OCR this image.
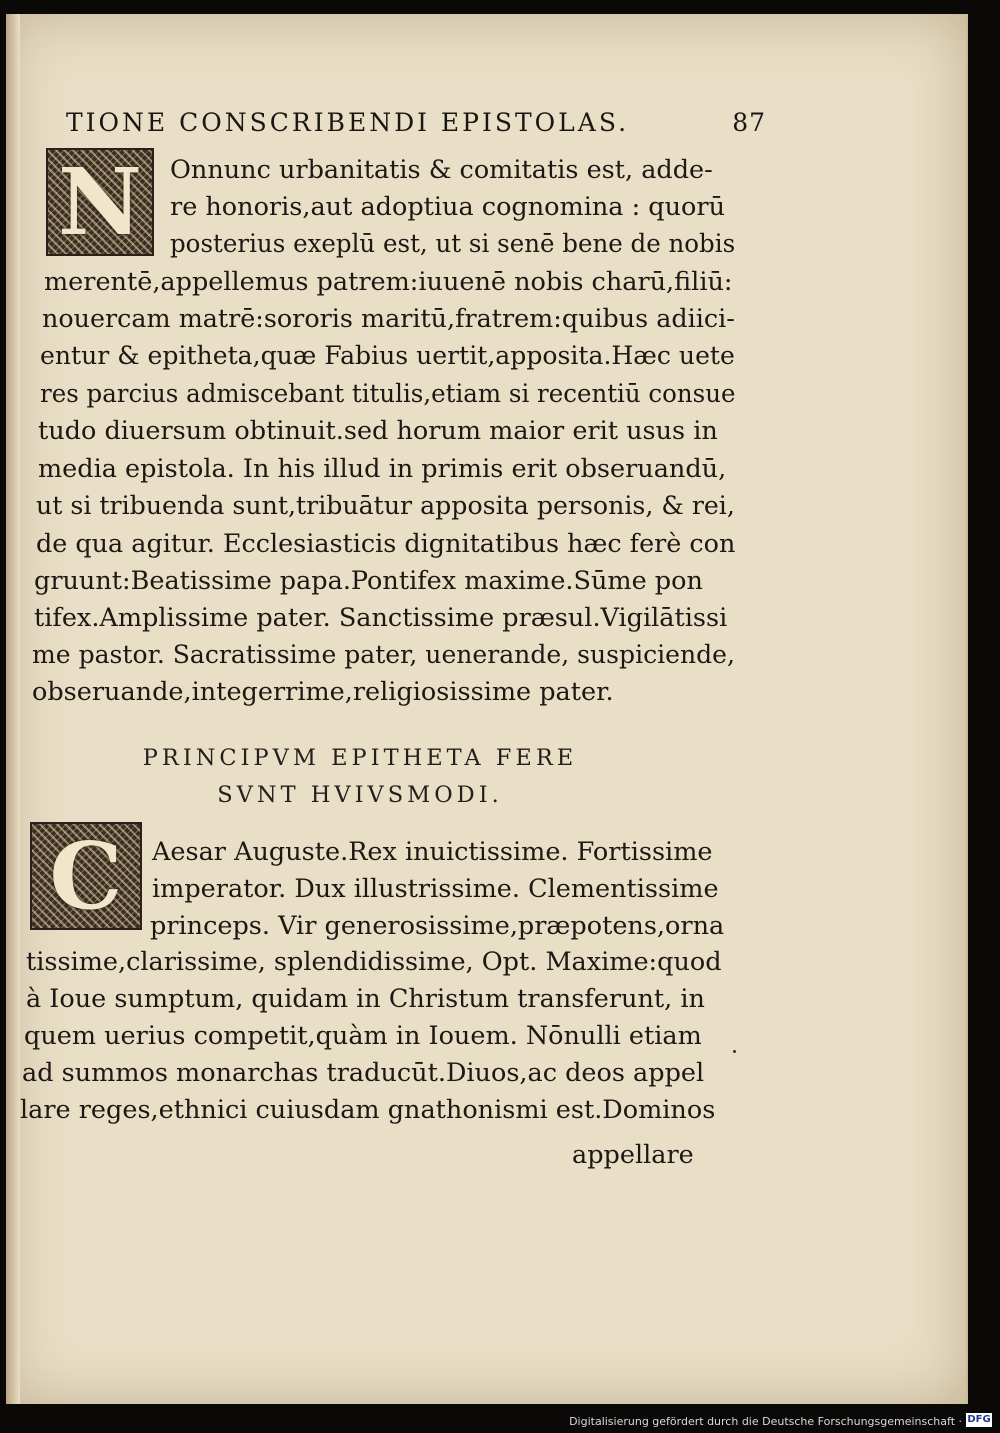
TIONE CONSCRIBENDI EPISTOLAS.	87
N	Onnunc urbanitatis & comitatis est, adde-
re honoris,aut adoptiua cognomina : quorū
posterius exeplū est, ut si senē bene de nobis
merentē,appellemus patrem:iuuenē nobis charū,filiū:
nouercam matrē:sororis maritū,fratrem:quibus adiici-
entur & epitheta,quæ Fabius uertit,apposita.Hæc uete
res parcius admiscebant titulis,etiam si recentiū consue
tudo diuersum obtinuit.sed horum maior erit usus in
media epistola. In his illud in primis erit obseruandū,
ut si tribuenda sunt,tribuātur apposita personis, & rei,
de qua agitur. Ecclesiasticis dignitatibus hæc ferè con
gruunt:Beatissime papa.Pontifex maxime.Sūme pon
tifex.Amplissime pater. Sanctissime præsul.Vigilātissi
me pastor. Sacratissime pater, uenerande, suspiciende,
obseruande,integerrime,religiosissime pater.
PRINCIPVM EPITHETA FERE
SVNT HVIVSMODI.
C	Aesar Auguste.Rex inuictissime. Fortissime
imperator. Dux illustrissime. Clementissime
princeps. Vir generosissime,præpotens,orna
tissime,clarissime, splendidissime, Opt. Maxime:quod
à Ioue sumptum, quidam in Christum transferunt, in
quem uerius competit,quàm in Iouem. Nōnulli etiam
ad summos monarchas traducūt.Diuos,ac deos appel
lare reges,ethnici cuiusdam gnathonismi est.Dominos
appellare
Digitalisierung gefördert durch die Deutsche Forschungsgemeinschaft · DFG
